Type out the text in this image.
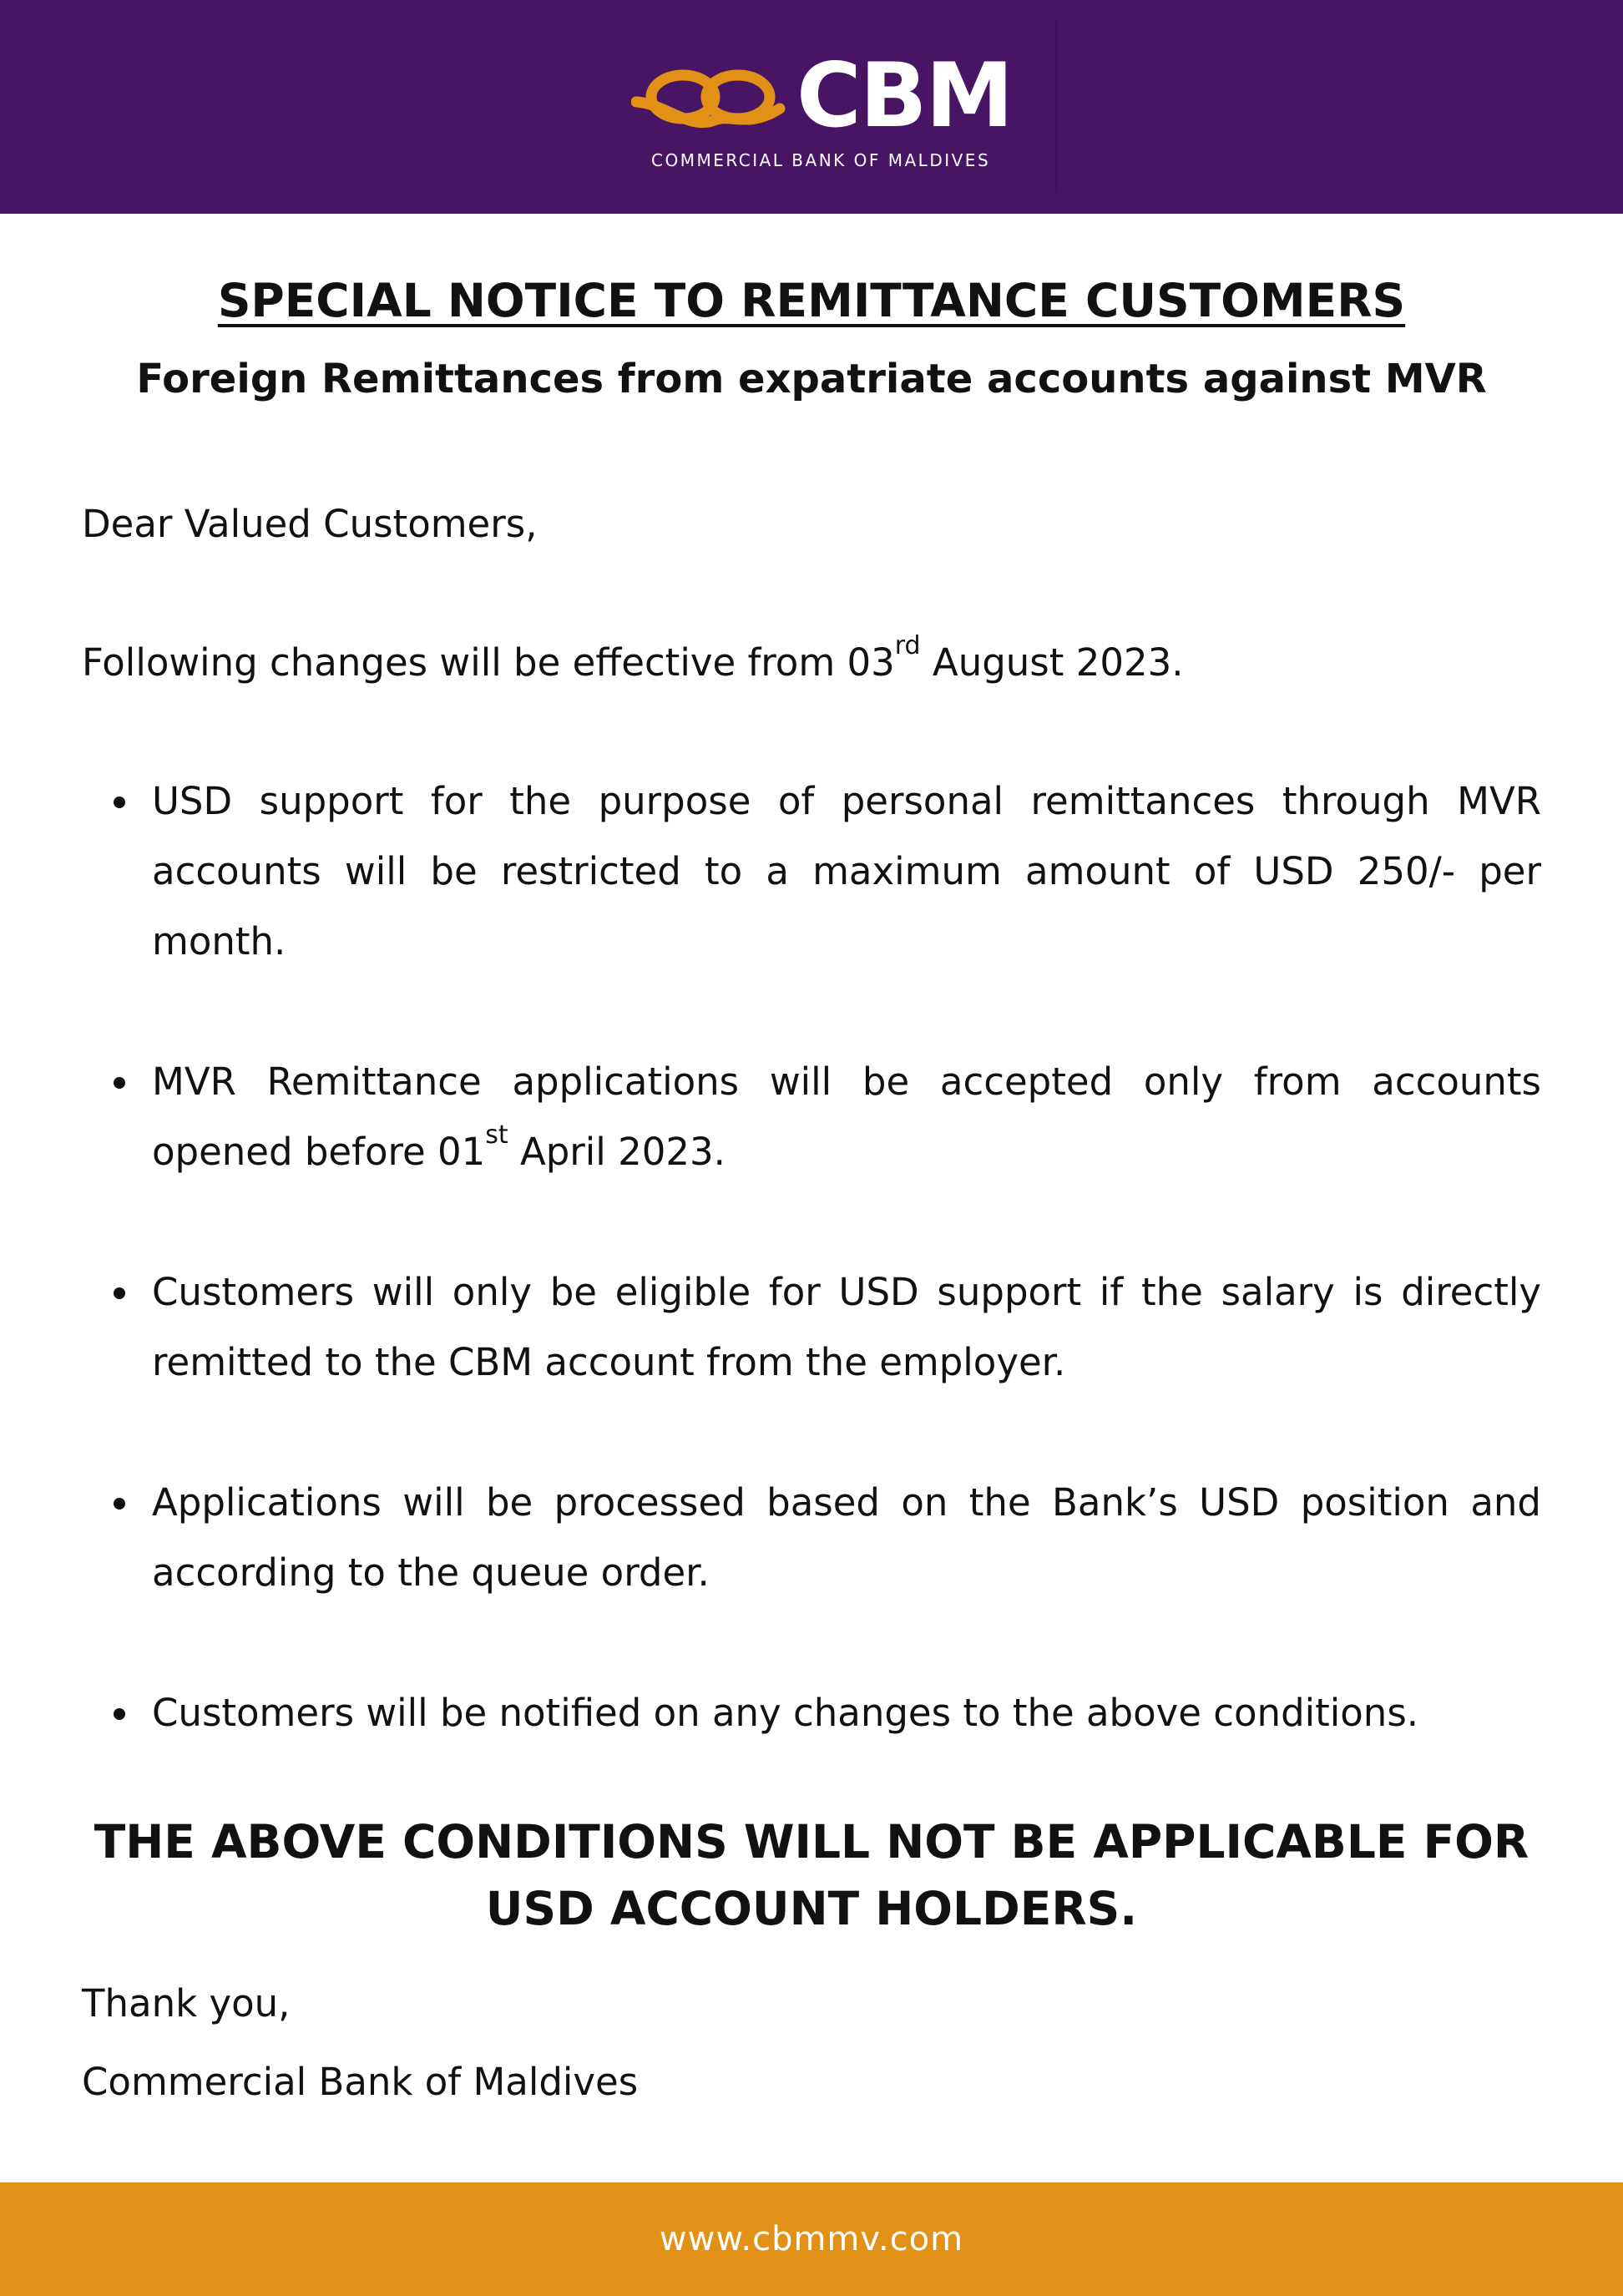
CBM
COMMERCIAL BANK OF MALDIVES
SPECIAL NOTICE TO REMITTANCE CUSTOMERS
Foreign Remittances from expatriate accounts against MVR
Dear Valued Customers,
Following changes will be effective from 03rd August 2023.
USD support for the purpose of personal remittances through MVR accounts will be restricted to a maximum amount of USD 250/- per month.
MVR Remittance applications will be accepted only from accounts opened before 01st April 2023.
Customers will only be eligible for USD support if the salary is directly remitted to the CBM account from the employer.
Applications will be processed based on the Bank’s USD position and according to the queue order.
Customers will be notified on any changes to the above conditions.
THE ABOVE CONDITIONS WILL NOT BE APPLICABLE FOR
USD ACCOUNT HOLDERS.
Thank you,
Commercial Bank of Maldives
www.cbmmv.com
